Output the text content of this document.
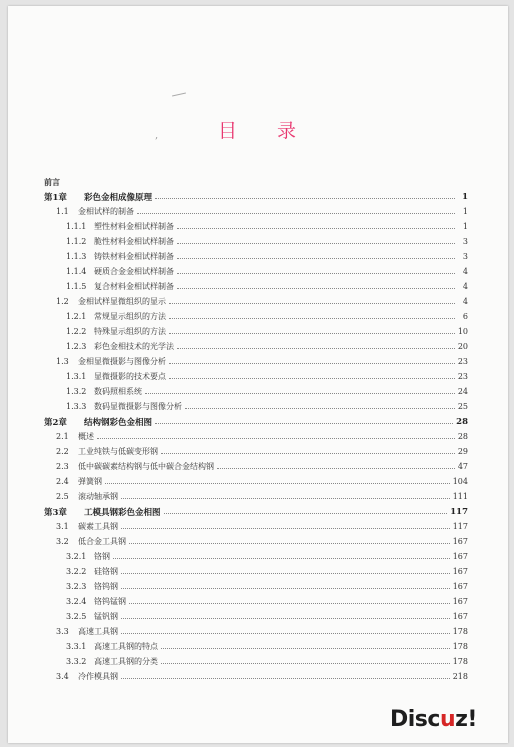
,	目 录
前言
第1章	彩色金相成像原理	1
1.1	金相试样的制备	1
1.1.1 塑性材料金相试样制备	1
1.1.2 脆性材料金相试样制备	3
1.1.3 铸铁材料金相试样制备	3
1.1.4 硬质合金金相试样制备	4
1.1.5 复合材料金相试样制备	4
1.2	金相试样显微组织的显示	4
1.2.1 常规显示组织的方法	6
1.2.2 特殊显示组织的方法	10
1.2.3 彩色金相技术的光学法	20
1.3	金相显微摄影与图像分析	23
1.3.1 显微摄影的技术要点	23
1.3.2 数码照相系统	24
1.3.3 数码显微摄影与图像分析	25
第2章	结构钢彩色金相图	28
2.1	概述	28
2.2	工业纯铁与低碳变形钢	29
2.3	低中碳碳素结构钢与低中碳合金结构钢	47
2.4	弹簧钢	104
2.5	滚动轴承钢	111
第3章	工模具钢彩色金相图	117
3.1	碳素工具钢	117
3.2	低合金工具钢	167
3.2.1 铬钢	167
3.2.2 硅铬钢	167
3.2.3 铬钨钢	167
3.2.4 铬钨锰钢	167
3.2.5 锰钒钢	167
3.3	高速工具钢	178
3.3.1 高速工具钢的特点	178
3.3.2 高速工具钢的分类	178
3.4	冷作模具钢	218
Discuz!
